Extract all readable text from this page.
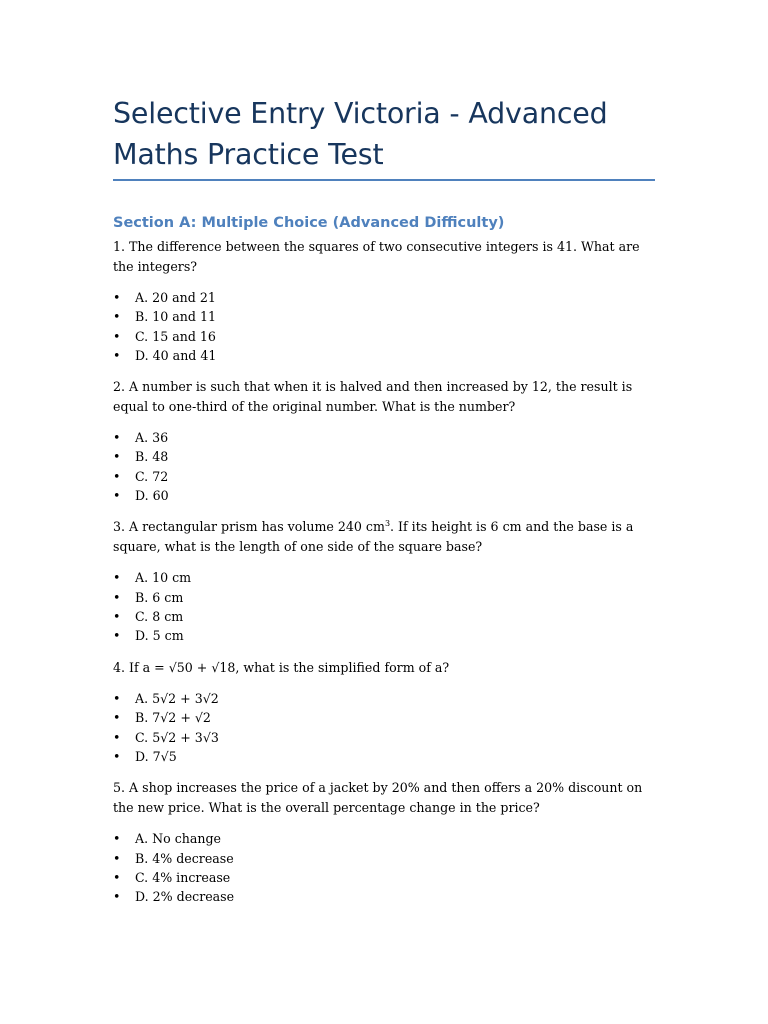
Selective Entry Victoria - Advanced Maths Practice Test
Section A: Multiple Choice (Advanced Difficulty)

1. The difference between the squares of two consecutive integers is 41. What are the integers?

• A. 20 and 21
• B. 10 and 11
• C. 15 and 16
• D. 40 and 41

2. A number is such that when it is halved and then increased by 12, the result is equal to one-third of the original number. What is the number?

• A. 36
• B. 48
• C. 72
• D. 60

3. A rectangular prism has volume 240 $cm^3$. If its height is 6 cm and the base is a square, what is the length of one side of the square base?

• A. 10 cm
• B. 6 cm
• C. 8 cm
• D. 5 cm

4. If a = √50 + √18, what is the simplified form of a?

• A. 5√2 + 3√2
• B. 7√2 + √2
• C. 5√2 + 3√3
• D. 7√5

5. A shop increases the price of a jacket by 20% and then offers a 20% discount on the new price. What is the overall percentage change in the price?

• A. No change
• B. 4% decrease
• C. 4% increase
• D. 2% decrease
